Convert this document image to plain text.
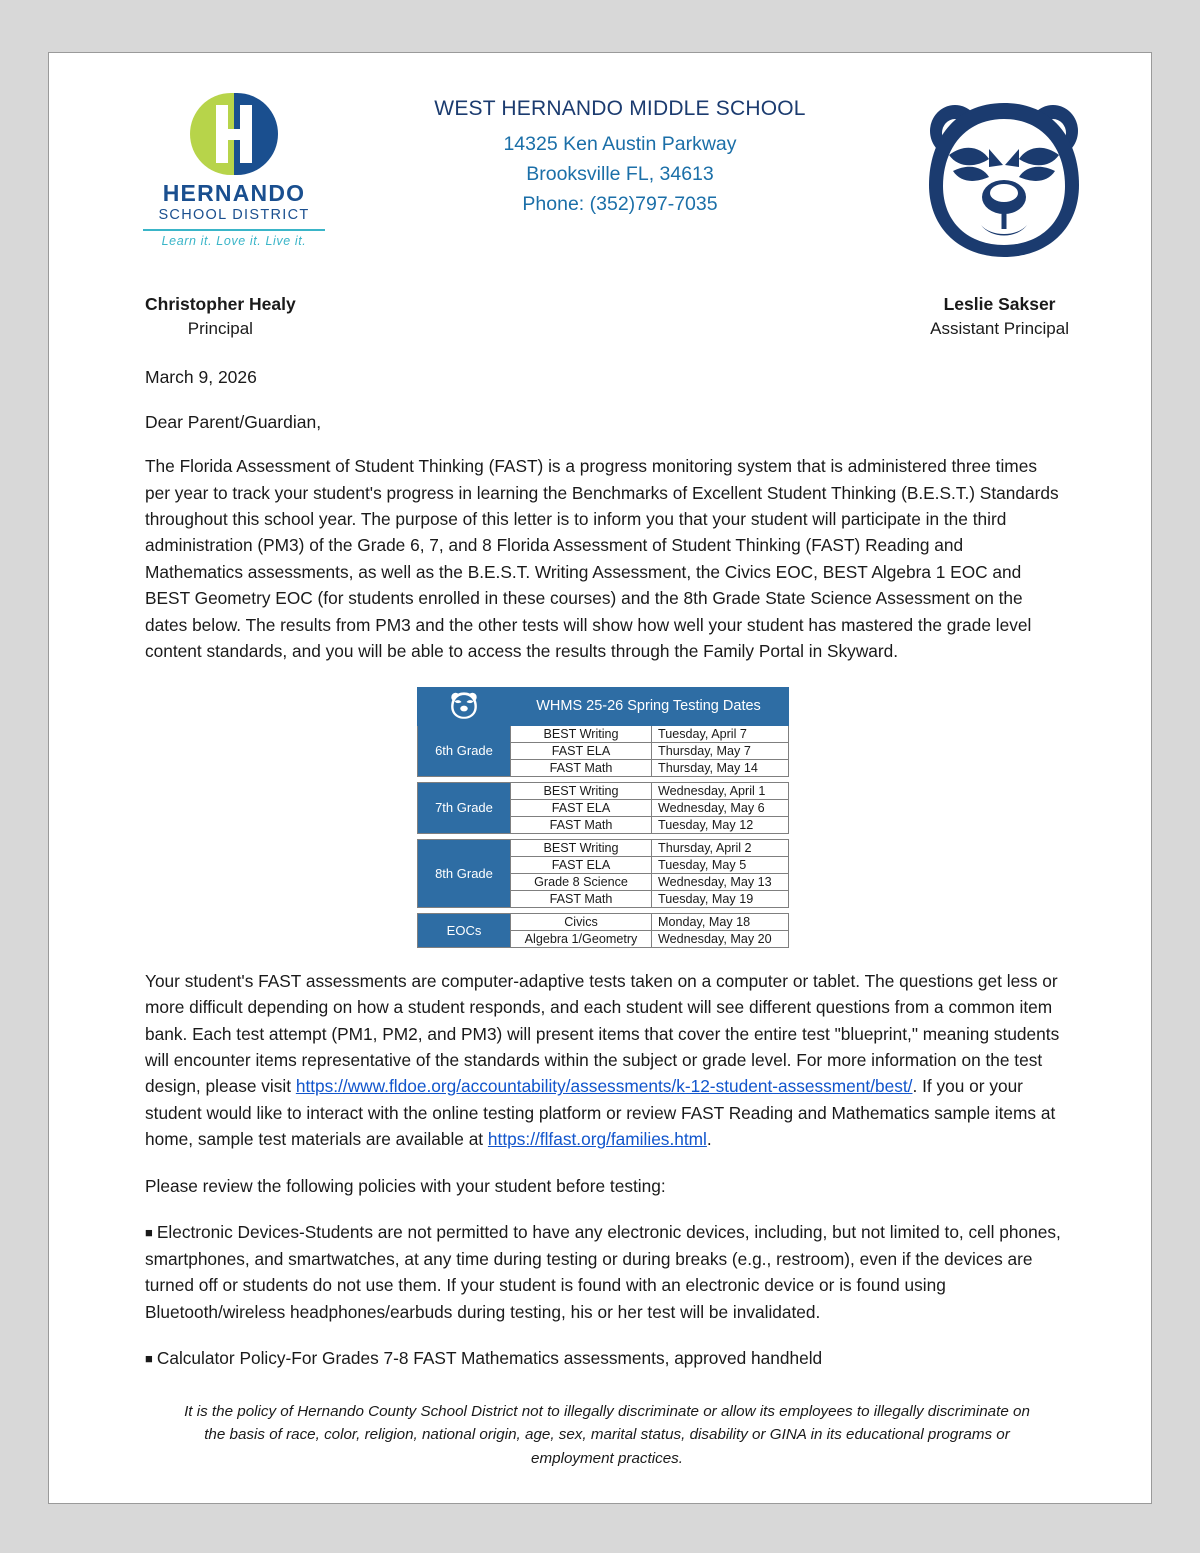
HERNANDO
SCHOOL DISTRICT
Learn it. Love it. Live it.
WEST HERNANDO MIDDLE SCHOOL
14325 Ken Austin Parkway
Brooksville FL, 34613
Phone: (352)797-7035
Christopher Healy
Principal
Leslie Sakser
Assistant Principal
March 9, 2026
Dear Parent/Guardian,

The Florida Assessment of Student Thinking (FAST) is a progress monitoring system that is administered three times per year to track your student's progress in learning the Benchmarks of Excellent Student Thinking (B.E.S.T.) Standards throughout this school year. The purpose of this letter is to inform you that your student will participate in the third administration (PM3) of the Grade 6, 7, and 8 Florida Assessment of Student Thinking (FAST) Reading and Mathematics assessments, as well as the B.E.S.T. Writing Assessment, the Civics EOC, BEST Algebra 1 EOC and BEST Geometry EOC (for students enrolled in these courses) and the 8th Grade State Science Assessment on the dates below. The results from PM3 and the other tests will show how well your student has mastered the grade level content standards, and you will be able to access the results through the Family Portal in Skyward.

	WHMS 25-26 Spring Testing Dates	
6th Grade	BEST Writing	Tuesday, April 7
	FAST ELA	Thursday, May 7
	FAST Math	Thursday, May 14

7th Grade	BEST Writing	Wednesday, April 1
	FAST ELA	Wednesday, May 6
	FAST Math	Tuesday, May 12

8th Grade	BEST Writing	Thursday, April 2
	FAST ELA	Tuesday, May 5
	Grade 8 Science	Wednesday, May 13
	FAST Math	Tuesday, May 19

EOCs	Civics	Monday, May 18
	Algebra 1/Geometry	Wednesday, May 20

Your student's FAST assessments are computer-adaptive tests taken on a computer or tablet. The questions get less or more difficult depending on how a student responds, and each student will see different questions from a common item bank. Each test attempt (PM1, PM2, and PM3) will present items that cover the entire test "blueprint," meaning students will encounter items representative of the standards within the subject or grade level. For more information on the test design, please visit https://www.fldoe.org/accountability/assessments/k-12-student-assessment/best/. If you or your student would like to interact with the online testing platform or review FAST Reading and Mathematics sample items at home, sample test materials are available at https://flfast.org/families.html.

Please review the following policies with your student before testing:

■ Electronic Devices-Students are not permitted to have any electronic devices, including, but not limited to, cell phones, smartphones, and smartwatches, at any time during testing or during breaks (e.g., restroom), even if the devices are turned off or students do not use them. If your student is found with an electronic device or is found using Bluetooth/wireless headphones/earbuds during testing, his or her test will be invalidated.

■ Calculator Policy-For Grades 7-8 FAST Mathematics assessments, approved handheld

It is the policy of Hernando County School District not to illegally discriminate or allow its employees to illegally discriminate on the basis of race, color, religion, national origin, age, sex, marital status, disability or GINA in its educational programs or employment practices.
